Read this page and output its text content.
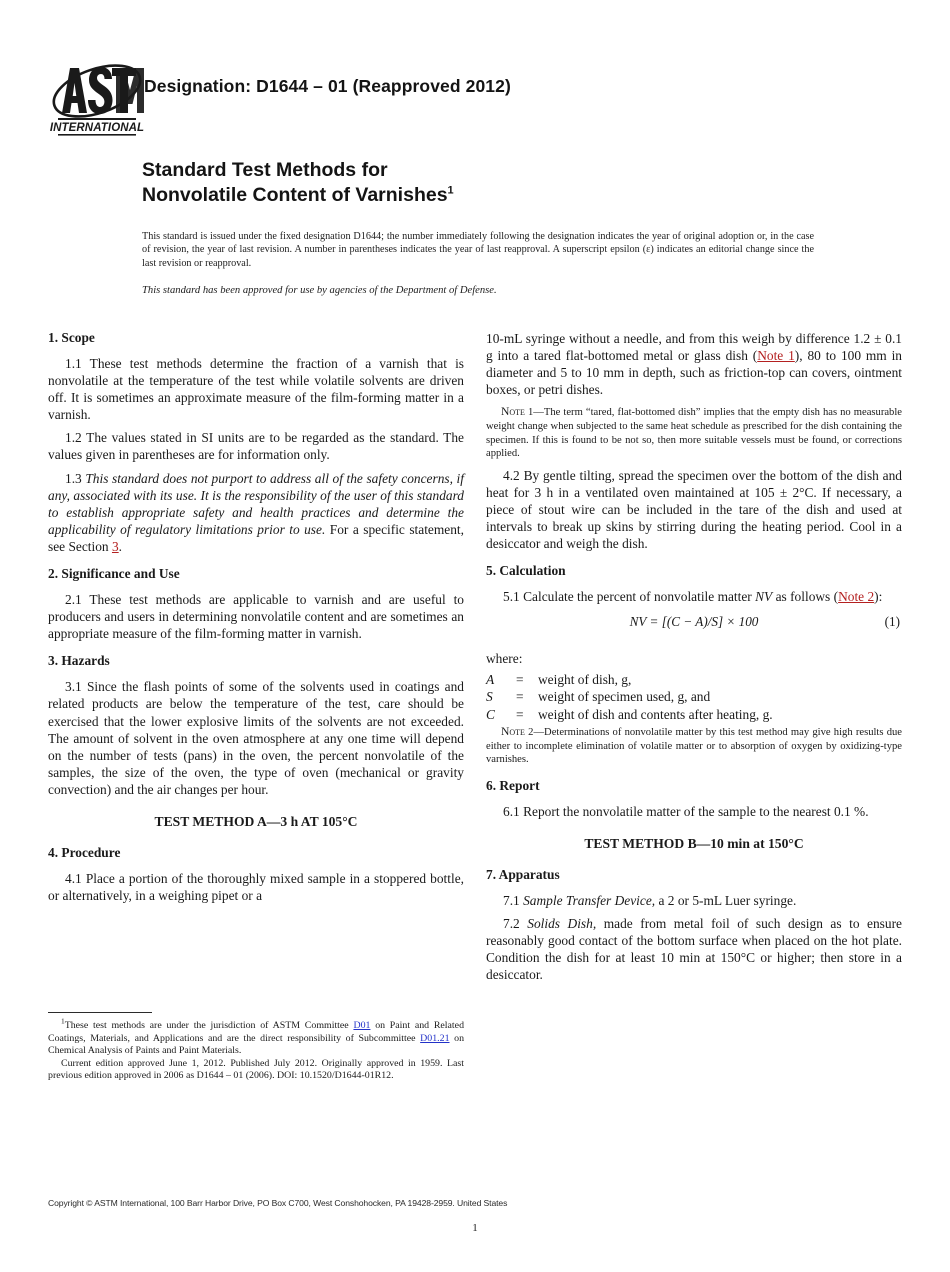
INTERNATIONAL
Designation: D1644 – 01 (Reapproved 2012)
Standard Test Methods for
Nonvolatile Content of Varnishes$^1$
This standard is issued under the fixed designation D1644; the number immediately following the designation indicates the year of original adoption or, in the case of revision, the year of last revision. A number in parentheses indicates the year of last reapproval. A superscript epsilon (ε) indicates an editorial change since the last revision or reapproval.
This standard has been approved for use by agencies of the Department of Defense.
1. Scope

1.1 These test methods determine the fraction of a varnish that is nonvolatile at the temperature of the test while volatile solvents are driven off. It is sometimes an approximate measure of the film-forming matter in a varnish.

1.2 The values stated in SI units are to be regarded as the standard. The values given in parentheses are for information only.

1.3 This standard does not purport to address all of the safety concerns, if any, associated with its use. It is the responsibility of the user of this standard to establish appropriate safety and health practices and determine the applicability of regulatory limitations prior to use. For a specific statement, see Section 3.

2. Significance and Use

2.1 These test methods are applicable to varnish and are useful to producers and users in determining nonvolatile content and are sometimes an appropriate measure of the film-forming matter in varnish.

3. Hazards

3.1 Since the flash points of some of the solvents used in coatings and related products are below the temperature of the test, care should be exercised that the lower explosive limits of the solvents are not exceeded. The amount of solvent in the oven atmosphere at any one time will depend on the number of tests (pans) in the oven, the percent nonvolatile of the samples, the size of the oven, the type of oven (mechanical or gravity convection) and the air changes per hour.

TEST METHOD A—3 h AT 105°C

4. Procedure

4.1 Place a portion of the thoroughly mixed sample in a stoppered bottle, or alternatively, in a weighing pipet or a

10-mL syringe without a needle, and from this weigh by difference 1.2 ± 0.1 g into a tared flat-bottomed metal or glass dish (Note 1), 80 to 100 mm in diameter and 5 to 10 mm in depth, such as friction-top can covers, ointment boxes, or petri dishes.

Note 1—The term “tared, flat-bottomed dish” implies that the empty dish has no measurable weight change when subjected to the same heat schedule as prescribed for the dish containing the specimen. If this is found to be not so, then more suitable vessels must be found, or corrections applied.

4.2 By gentle tilting, spread the specimen over the bottom of the dish and heat for 3 h in a ventilated oven maintained at 105 ± 2°C. If necessary, a piece of stout wire can be included in the tare of the dish and used at intervals to break up skins by stirring during the heating period. Cool in a desiccator and weigh the dish.

5. Calculation

5.1 Calculate the percent of nonvolatile matter NV as follows (Note 2):

NV = [(C − A)/S] × 100	(1)
where:
A	=	weight of dish, g,
S	=	weight of specimen used, g, and
C	=	weight of dish and contents after heating, g.

Note 2—Determinations of nonvolatile matter by this test method may give high results due either to incomplete elimination of volatile matter or to absorption of oxygen by oxidizing-type varnishes.

6. Report

6.1 Report the nonvolatile matter of the sample to the nearest 0.1 %.

TEST METHOD B—10 min at 150°C

7. Apparatus

7.1 Sample Transfer Device, a 2 or 5-mL Luer syringe.

7.2 Solids Dish, made from metal foil of such design as to ensure reasonably good contact of the bottom surface when placed on the hot plate. Condition the dish for at least 10 min at 150°C or higher; then store in a desiccator.

$^1$These test methods are under the jurisdiction of ASTM Committee D01 on Paint and Related Coatings, Materials, and Applications and are the direct responsibility of Subcommittee D01.21 on Chemical Analysis of Paints and Paint Materials.

Current edition approved June 1, 2012. Published July 2012. Originally approved in 1959. Last previous edition approved in 2006 as D1644 – 01 (2006). DOI: 10.1520/D1644-01R12.

Copyright © ASTM International, 100 Barr Harbor Drive, PO Box C700, West Conshohocken, PA 19428-2959. United States
1
